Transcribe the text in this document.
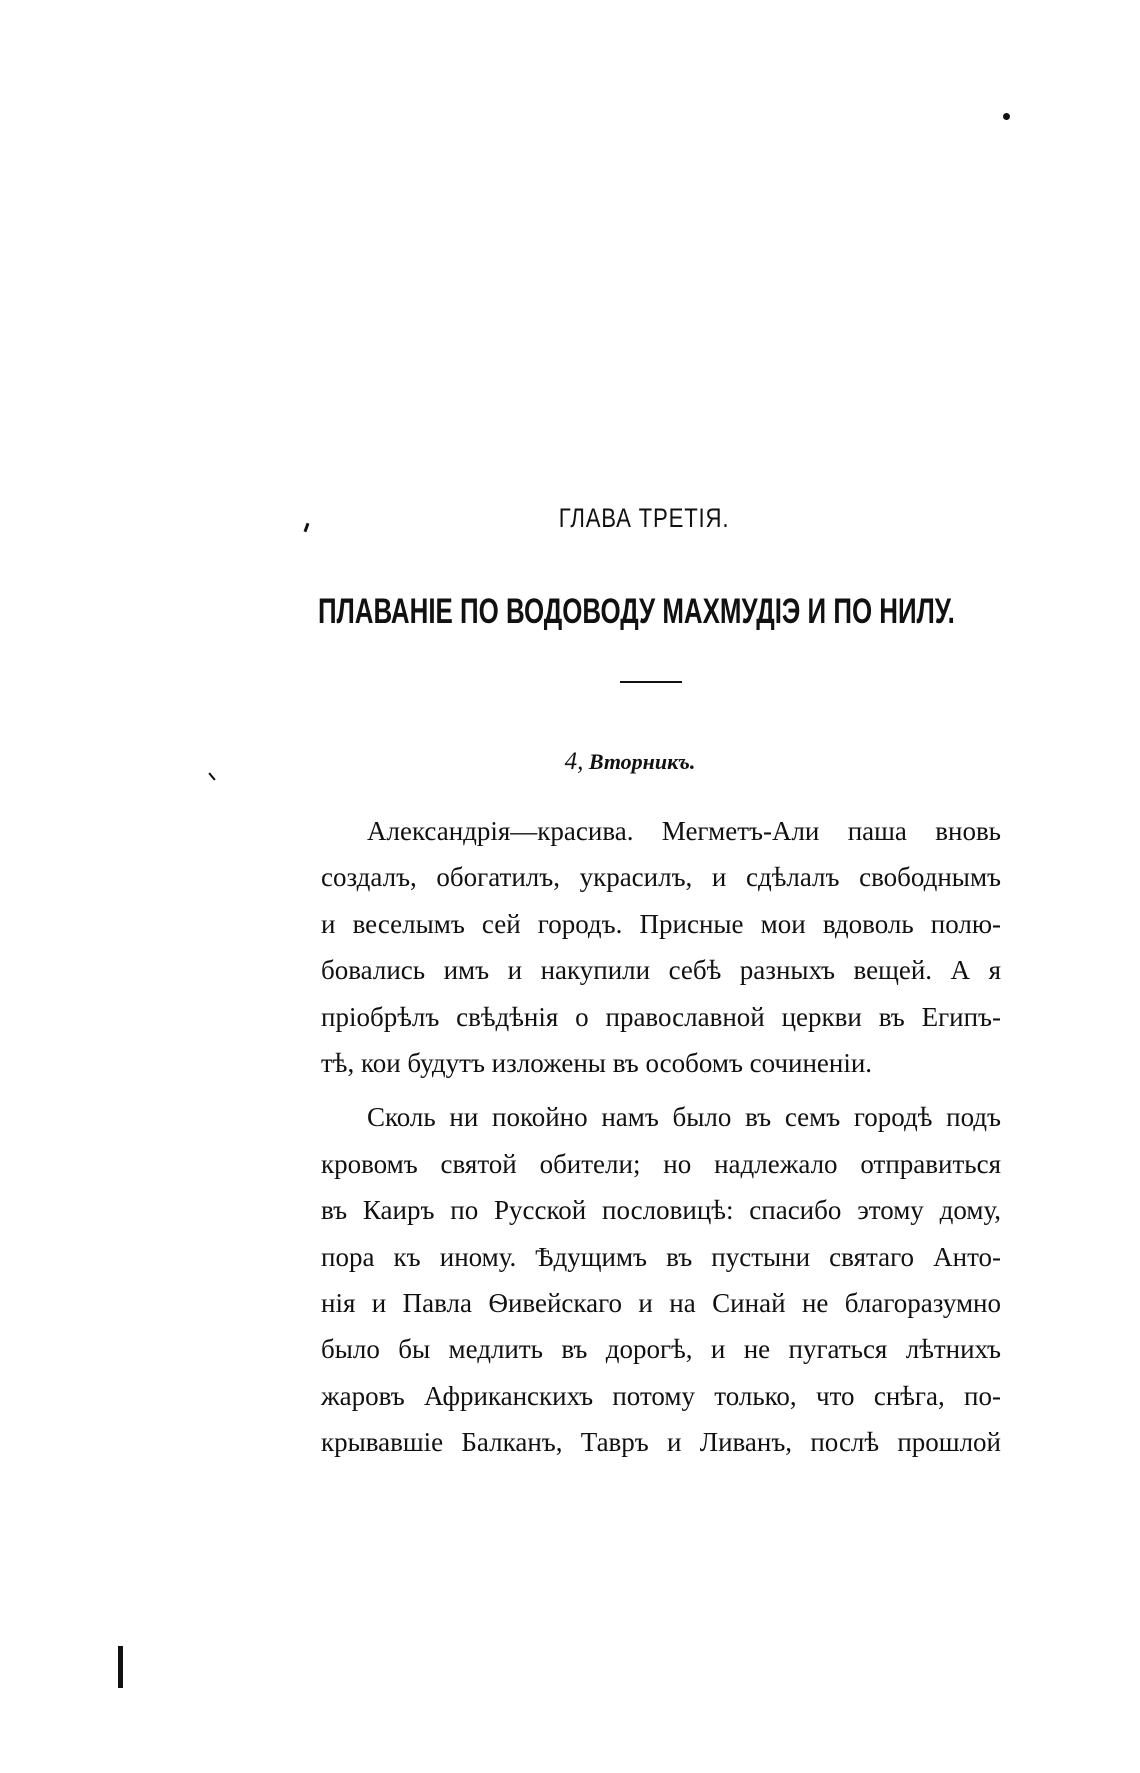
ГЛАВА ТРЕТІЯ.
ПЛАВАНІЕ ПО ВОДОВОДУ МАХМУДІЭ И ПО НИЛУ.
4, Вторникъ.
Александрія—красива. Мегметъ-Али паша вновь
создалъ, обогатилъ, украсилъ, и сдѣлалъ свободнымъ
и веселымъ сей городъ. Присные мои вдоволь полю-
бовались имъ и накупили себѣ разныхъ вещей. А я
пріобрѣлъ свѣдѣнія о православной церкви въ Египъ-
тѣ, кои будутъ изложены въ особомъ сочиненіи.
Сколь ни покойно намъ было въ семъ городѣ подъ
кровомъ святой обители; но надлежало отправиться
въ Каиръ по Русской пословицѣ: спасибо этому дому,
пора къ иному. Ѣдущимъ въ пустыни святаго Анто-
нія и Павла Ѳивейскаго и на Синай не благоразумно
было бы медлить въ дорогѣ, и не пугаться лѣтнихъ
жаровъ Африканскихъ потому только, что снѣга, по-
крывавшіе Балканъ, Тавръ и Ливанъ, послѣ прошлой
